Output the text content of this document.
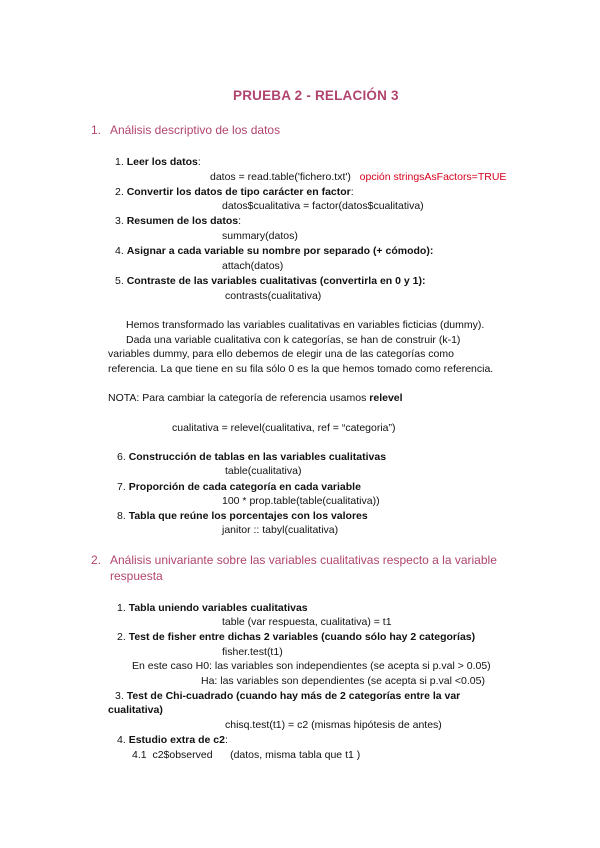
PRUEBA 2 - RELACIÓN 3
1. Análisis descriptivo de los datos
1. Leer los datos:
datos = read.table('fichero.txt') opción stringsAsFactors=TRUE
2. Convertir los datos de tipo carácter en factor:
datos$cualitativa = factor(datos$cualitativa)
3. Resumen de los datos:
summary(datos)
4. Asignar a cada variable su nombre por separado (+ cómodo):
attach(datos)
5. Contraste de las variables cualitativas (convertirla en 0 y 1):
contrasts(cualitativa)
Hemos transformado las variables cualitativas en variables ficticias (dummy).
Dada una variable cualitativa con k categorías, se han de construir (k-1)
variables dummy, para ello debemos de elegir una de las categorías como
referencia. La que tiene en su fila sólo 0 es la que hemos tomado como referencia.
NOTA: Para cambiar la categoría de referencia usamos relevel
cualitativa = relevel(cualitativa, ref = “categoria”)
6. Construcción de tablas en las variables cualitativas
table(cualitativa)
7. Proporción de cada categoría en cada variable
100 * prop.table(table(cualitativa))
8. Tabla que reúne los porcentajes con los valores
janitor :: tabyl(cualitativa)
2. Análisis univariante sobre las variables cualitativas respecto a la variable
respuesta
1. Tabla uniendo variables cualitativas
table (var respuesta, cualitativa) = t1
2. Test de fisher entre dichas 2 variables (cuando sólo hay 2 categorías)
fisher.test(t1)
En este caso H0: las variables son independientes (se acepta si p.val > 0.05)
Ha: las variables son dependientes (se acepta si p.val <0.05)
3. Test de Chi-cuadrado (cuando hay más de 2 categorías entre la var
cualitativa)
chisq.test(t1) = c2 (mismas hipótesis de antes)
4. Estudio extra de c2:
4.1 c2$observed (datos, misma tabla que t1 )
